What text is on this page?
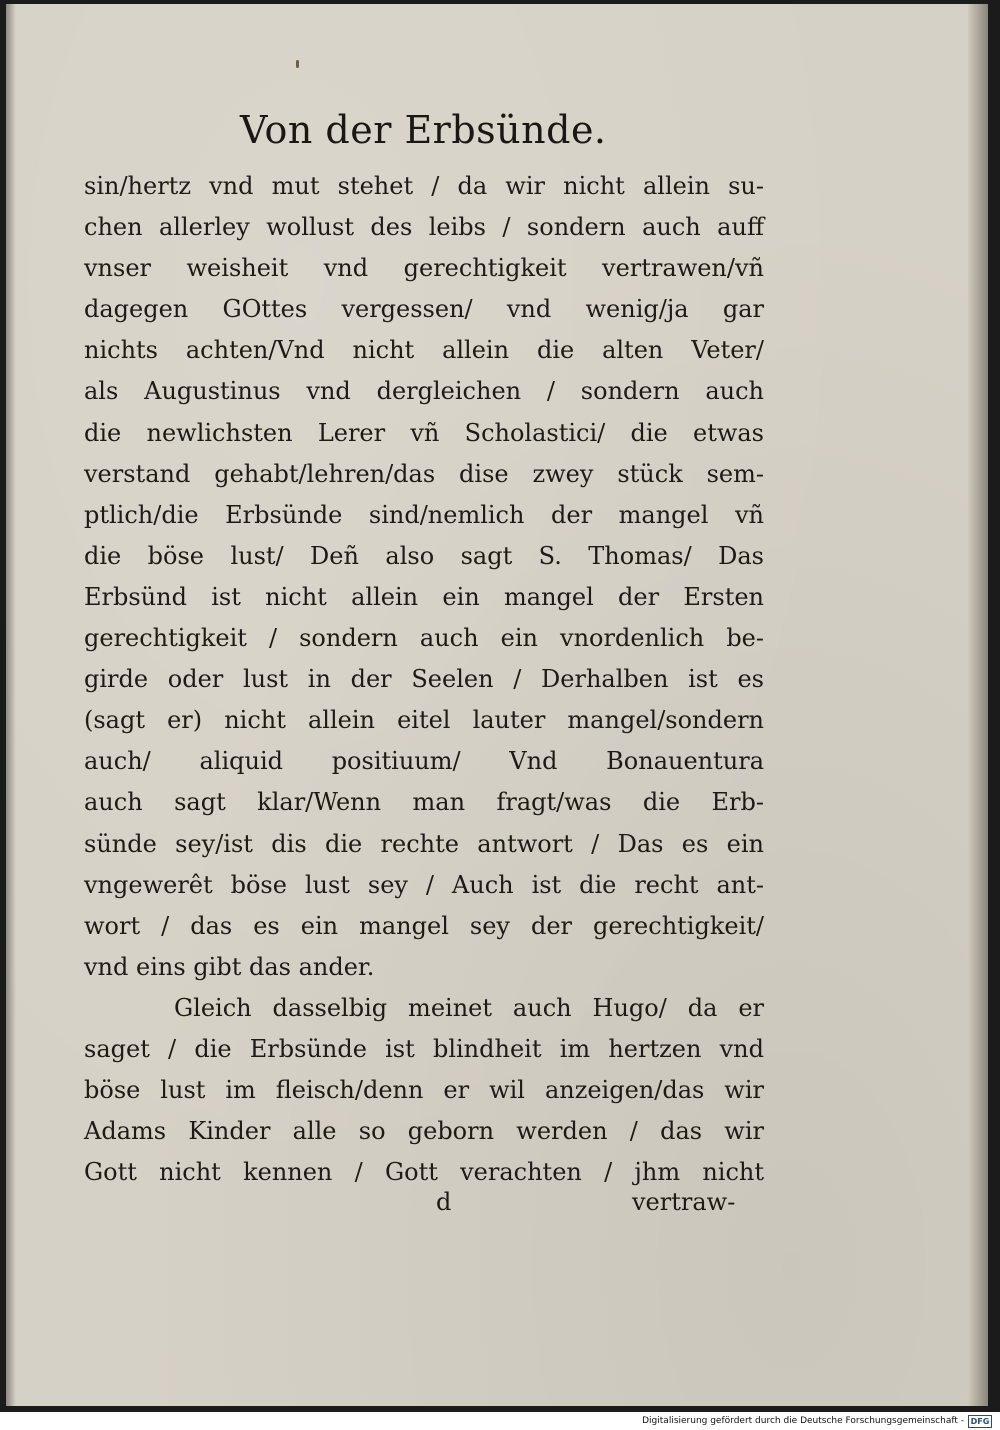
Von der Erbsünde.
sin/hertz vnd mut stehet / da wir nicht allein su-
chen allerley wollust des leibs / sondern auch auff
vnser weisheit vnd gerechtigkeit vertrawen/vñ
dagegen GOttes vergessen/ vnd wenig/ja gar
nichts achten/Vnd nicht allein die alten Veter/
als Augustinus vnd dergleichen / sondern auch
die newlichsten Lerer vñ Scholastici/ die etwas
verstand gehabt/lehren/das dise zwey stück sem-
ptlich/die Erbsünde sind/nemlich der mangel vñ
die böse lust/ Deñ also sagt S. Thomas/ Das
Erbsünd ist nicht allein ein mangel der Ersten
gerechtigkeit / sondern auch ein vnordenlich be-
girde oder lust in der Seelen / Derhalben ist es
(sagt er) nicht allein eitel lauter mangel/sondern
auch/ aliquid positiuum/ Vnd Bonauentura
auch sagt klar/Wenn man fragt/was die Erb-
sünde sey/ist dis die rechte antwort / Das es ein
vngewerêt böse lust sey / Auch ist die recht ant-
wort / das es ein mangel sey der gerechtigkeit/
vnd eins gibt das ander.
Gleich dasselbig meinet auch Hugo/ da er
saget / die Erbsünde ist blindheit im hertzen vnd
böse lust im fleisch/denn er wil anzeigen/das wir
Adams Kinder alle so geborn werden / das wir
Gott nicht kennen / Gott verachten / jhm nicht
d	vertraw-
Digitalisierung gefördert durch die Deutsche Forschungsgemeinschaft - DFG
